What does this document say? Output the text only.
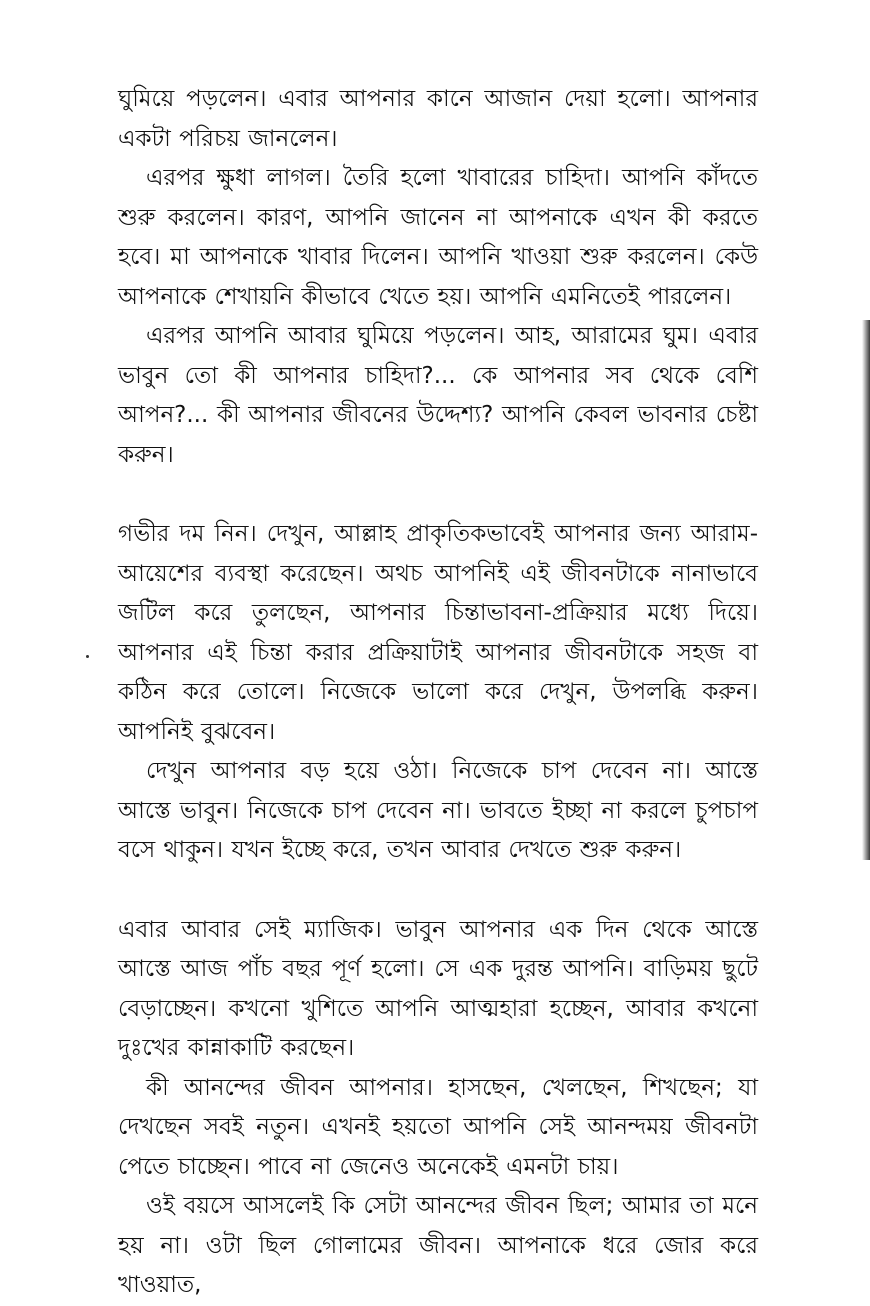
ঘুমিয়ে পড়লেন। এবার আপনার কানে আজান দেয়া হলো। আপনার একটা পরিচয় জানলেন।

এরপর ক্ষুধা লাগল। তৈরি হলো খাবারের চাহিদা। আপনি কাঁদতে শুরু করলেন। কারণ, আপনি জানেন না আপনাকে এখন কী করতে হবে। মা আপনাকে খাবার দিলেন। আপনি খাওয়া শুরু করলেন। কেউ আপনাকে শেখায়নি কীভাবে খেতে হয়। আপনি এমনিতেই পারলেন।

এরপর আপনি আবার ঘুমিয়ে পড়লেন। আহ, আরামের ঘুম। এবার ভাবুন তো কী আপনার চাহিদা?... কে আপনার সব থেকে বেশি আপন?... কী আপনার জীবনের উদ্দেশ্য? আপনি কেবল ভাবনার চেষ্টা করুন।

গভীর দম নিন। দেখুন, আল্লাহ প্রাকৃতিকভাবেই আপনার জন্য আরাম-আয়েশের ব্যবস্থা করেছেন। অথচ আপনিই এই জীবনটাকে নানাভাবে জটিল করে তুলছেন, আপনার চিন্তাভাবনা-প্রক্রিয়ার মধ্যে দিয়ে। আপনার এই চিন্তা করার প্রক্রিয়াটাই আপনার জীবনটাকে সহজ বা কঠিন করে তোলে। নিজেকে ভালো করে দেখুন, উপলব্ধি করুন। আপনিই বুঝবেন।

দেখুন আপনার বড় হয়ে ওঠা। নিজেকে চাপ দেবেন না। আস্তে আস্তে ভাবুন। নিজেকে চাপ দেবেন না। ভাবতে ইচ্ছা না করলে চুপচাপ বসে থাকুন। যখন ইচ্ছে করে, তখন আবার দেখতে শুরু করুন।

এবার আবার সেই ম্যাজিক। ভাবুন আপনার এক দিন থেকে আস্তে আস্তে আজ পাঁচ বছর পূর্ণ হলো। সে এক দুরন্ত আপনি। বাড়িময় ছুটে বেড়াচ্ছেন। কখনো খুশিতে আপনি আত্মহারা হচ্ছেন, আবার কখনো দুঃখের কান্নাকাটি করছেন।

কী আনন্দের জীবন আপনার। হাসছেন, খেলছেন, শিখছেন; যা দেখছেন সবই নতুন। এখনই হয়তো আপনি সেই আনন্দময় জীবনটা পেতে চাচ্ছেন। পাবে না জেনেও অনেকেই এমনটা চায়।

ওই বয়সে আসলেই কি সেটা আনন্দের জীবন ছিল; আমার তা মনে হয় না। ওটা ছিল গোলামের জীবন। আপনাকে ধরে জোর করে খাওয়াত,
